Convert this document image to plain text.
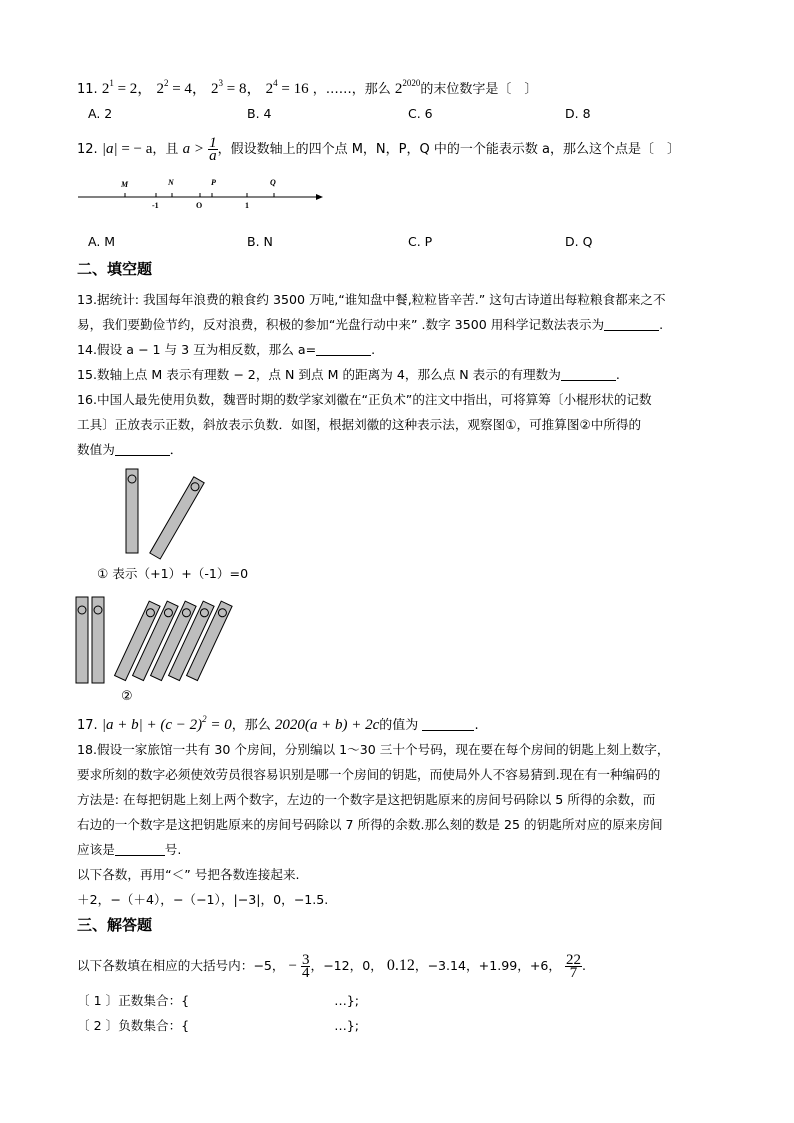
11. $2^1 = 2$， $2^2 = 4$， $2^3 = 8$， $2^4 = 16$ ，……，那么 $2^{2020}$的末位数字是〔　〕
A. 2	B. 4	C. 6	D. 8
12. |a| = − a，且 $a > \frac{1}{a}$ ，假设数轴上的四个点 M，N，P，Q 中的一个能表示数 a，那么这个点是〔　〕
M	N	P	Q
-1	O	1
A. M	B. N	C. P	D. Q
二、填空题
13.据统计: 我国每年浪费的粮食约 3500 万吨,“谁知盘中餐,粒粒皆辛苦.” 这句古诗道出每粒粮食都来之不
易，我们要勤俭节约，反对浪费，积极的参加“光盘行动中来” .数字 3500 用科学记数法表示为	.
14.假设 a − 1 与 3 互为相反数，那么 a=	.
15.数轴上点 M 表示有理数 − 2，点 N 到点 M 的距离为 4，那么点 N 表示的有理数为	.
16.中国人最先使用负数，魏晋时期的数学家刘徽在“正负术”的注文中指出，可将算筹〔小棍形状的记数
工具〕正放表示正数，斜放表示负数．如图，根据刘徽的这种表示法，观察图①，可推算图②中所得的
数值为	．
① 表示（+1）+（-1）=0
②
17. $|a + b| + (c - 2)^2 = 0$，那么 2020(a + b) + 2c的值为	.
18.假设一家旅馆一共有 30 个房间，分别编以 1～30 三十个号码，现在要在每个房间的钥匙上刻上数字，
要求所刻的数字必须使效劳员很容易识别是哪一个房间的钥匙，而使局外人不容易猜到.现在有一种编码的
方法是: 在每把钥匙上刻上两个数字，左边的一个数字是这把钥匙原来的房间号码除以 5 所得的余数，而
右边的一个数字是这把钥匙原来的房间号码除以 7 所得的余数.那么刻的数是 25 的钥匙所对应的原来房间
应该是	号.
以下各数，再用“＜” 号把各数连接起来.
＋2，−（＋4），−（−1），|−3|，0，−1.5.
三、解答题
以下各数填在相应的大括号内：−5， − $\frac{3}{4}$ ，−12，0， 0.12，−3.14，+1.99，+6， $\frac{22}{7}$ .
〔 1 〕正数集合：{	…};
〔 2 〕负数集合：{	…};
